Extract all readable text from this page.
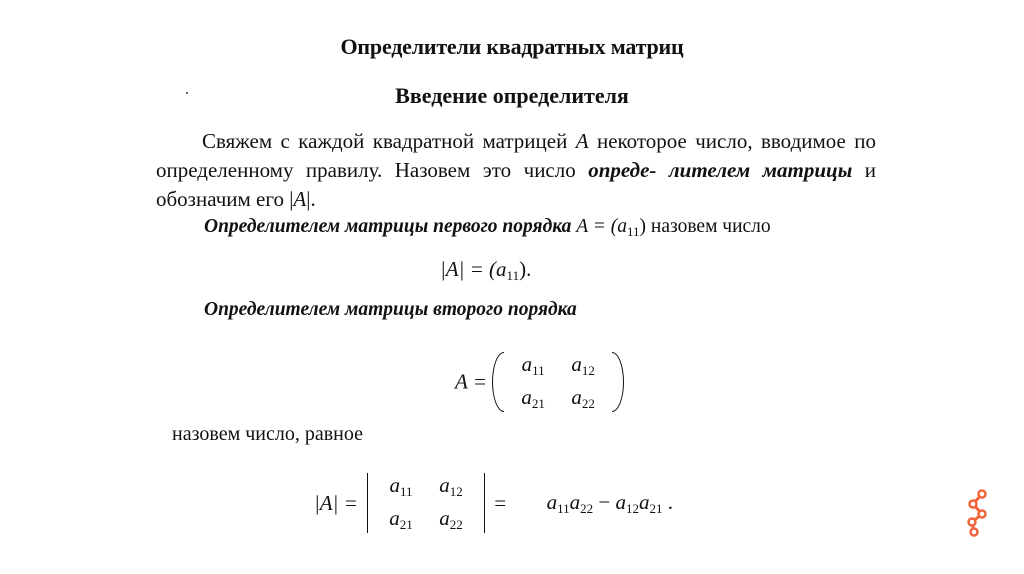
Определители квадратных матриц
Введение определителя
Свяжем с каждой квадратной матрицей A некоторое число, вводимое по определенному правилу. Назовем это число опреде- лителем матрицы и обозначим его |A|.
Определителем матрицы первого порядка $A = (a_{11})$ назовем число
$|A| = (a_{11})$.
Определителем матрицы второго порядка
A =
$a_{11}$	$a_{12}$
$a_{21}$	$a_{22}$
назовем число, равное
|A| =
$a_{11}$	$a_{12}$
$a_{21}$	$a_{22}$
= $a_{11}a_{22} - a_{12}a_{21}$ .
